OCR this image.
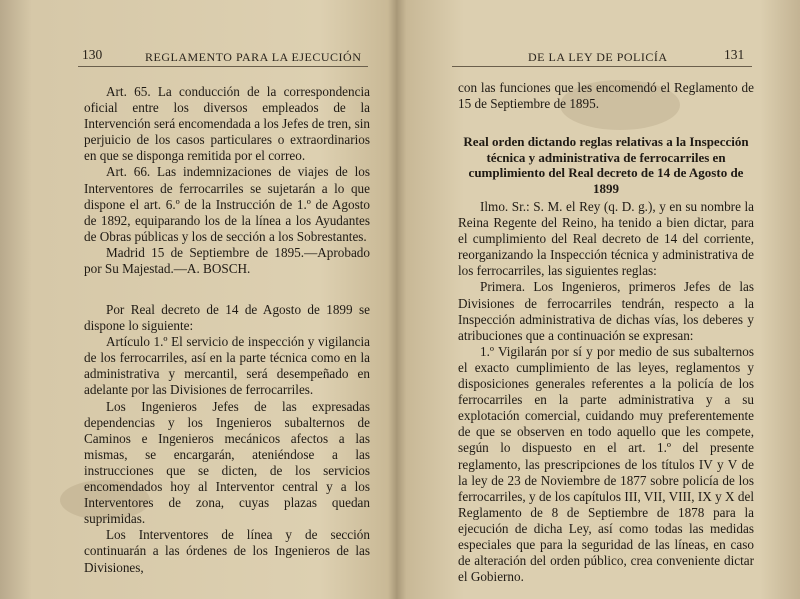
130	REGLAMENTO PARA LA EJECUCIÓN

Art. 65. La conducción de la correspondencia oficial entre los diversos empleados de la Intervención será encomendada a los Jefes de tren, sin perjuicio de los casos particulares o extraordinarios en que se disponga remitida por el correo.

Art. 66. Las indemnizaciones de viajes de los Interventores de ferrocarriles se sujetarán a lo que dispone el art. 6.º de la Instrucción de 1.º de Agosto de 1892, equiparando los de la línea a los Ayudantes de Obras públicas y los de sección a los Sobrestantes.

Madrid 15 de Septiembre de 1895.—Aprobado por Su Majestad.—A. BOSCH.

Por Real decreto de 14 de Agosto de 1899 se dispone lo siguiente:

Artículo 1.º El servicio de inspección y vigilancia de los ferrocarriles, así en la parte técnica como en la administrativa y mercantil, será desempeñado en adelante por las Divisiones de ferrocarriles.

Los Ingenieros Jefes de las expresadas dependencias y los Ingenieros subalternos de Caminos e Ingenieros mecánicos afectos a las mismas, se encargarán, ateniéndose a las instrucciones que se dicten, de los servicios encomendados hoy al Interventor central y a los Interventores de zona, cuyas plazas quedan suprimidas.

Los Interventores de línea y de sección continuarán a las órdenes de los Ingenieros de las Divisiones,

DE LA LEY DE POLICÍA	131

con las funciones que les encomendó el Reglamento de 15 de Septiembre de 1895.

Real orden dictando reglas relativas a la Inspección técnica y administrativa de ferrocarriles en cumplimiento del Real decreto de 14 de Agosto de 1899

Ilmo. Sr.: S. M. el Rey (q. D. g.), y en su nombre la Reina Regente del Reino, ha tenido a bien dictar, para el cumplimiento del Real decreto de 14 del corriente, reorganizando la Inspección técnica y administrativa de los ferrocarriles, las siguientes reglas:

Primera. Los Ingenieros, primeros Jefes de las Divisiones de ferrocarriles tendrán, respecto a la Inspección administrativa de dichas vías, los deberes y atribuciones que a continuación se expresan:

1.º Vigilarán por sí y por medio de sus subalternos el exacto cumplimiento de las leyes, reglamentos y disposiciones generales referentes a la policía de los ferrocarriles en la parte administrativa y a su explotación comercial, cuidando muy preferentemente de que se observen en todo aquello que les compete, según lo dispuesto en el art. 1.º del presente reglamento, las prescripciones de los títulos IV y V de la ley de 23 de Noviembre de 1877 sobre policía de los ferrocarriles, y de los capítulos III, VII, VIII, IX y X del Reglamento de 8 de Septiembre de 1878 para la ejecución de dicha Ley, así como todas las medidas especiales que para la seguridad de las líneas, en caso de alteración del orden público, crea conveniente dictar el Gobierno.
